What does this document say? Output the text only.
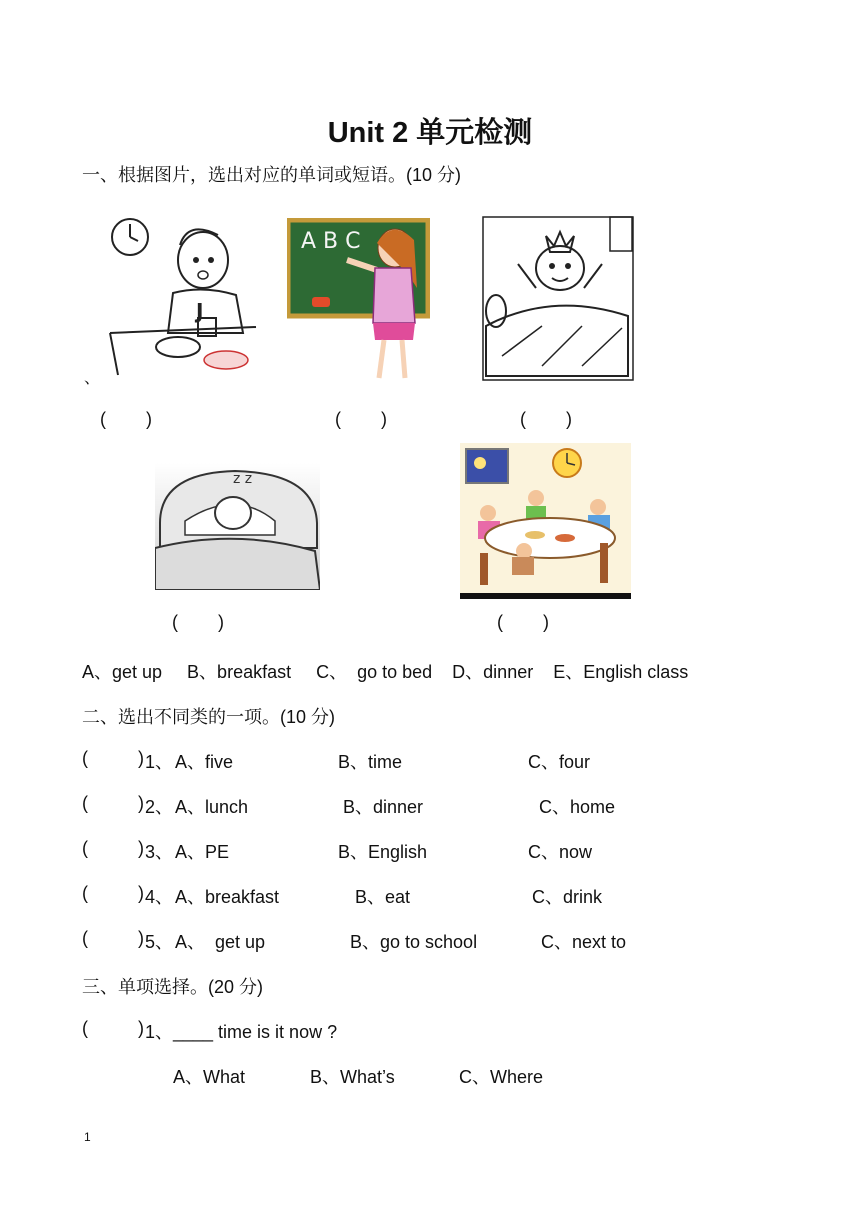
Unit 2 单元检测
一、根据图片，选出对应的单词或短语。(10 分)
J
、
A B C
(        )	(        )	(        )
z z
(        )	(        )
A、get up     B、breakfast     C、  go to bed    D、dinner    E、English class
二、选出不同类的一项。(10 分)
(          ) 1、 A、five	B、time	C、four
(          ) 2、 A、lunch	B、dinner	C、home
(          ) 3、 A、PE	B、English	C、now
(          ) 4、 A、breakfast	B、eat	C、drink
(          ) 5、 A、  get up	B、go to school	C、next to
三、单项选择。(20 分)
(          ) 1、____ time is it now ?
A、What	B、What’s	C、Where
1
